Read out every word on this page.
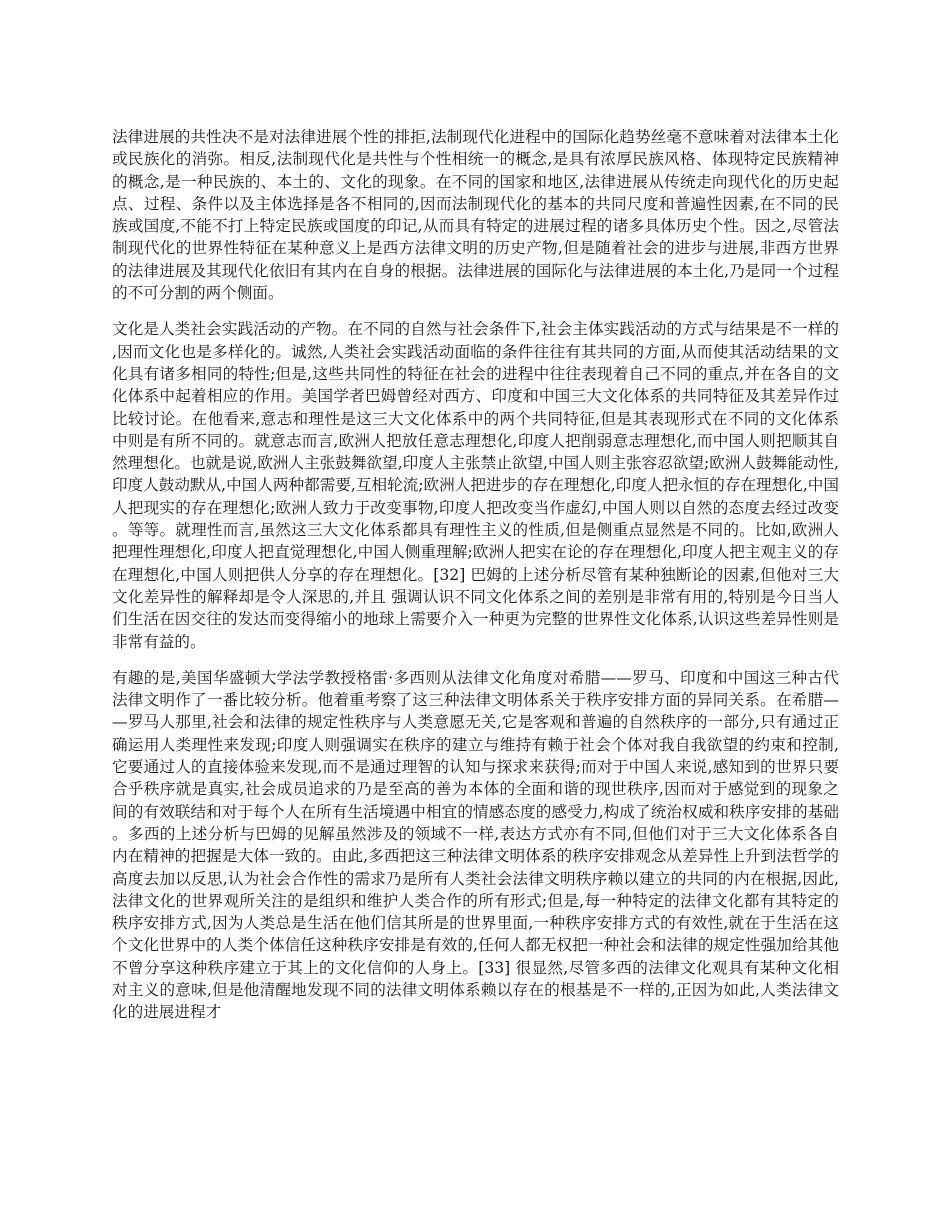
法律进展的共性决不是对法律进展个性的排拒,法制现代化进程中的国际化趋势丝毫不意味着对法律本土化或民族化的消弥。相反,法制现代化是共性与个性相统一的概念,是具有浓厚民族风格、体现特定民族精神的概念,是一种民族的、本土的、文化的现象。在不同的国家和地区,法律进展从传统走向现代化的历史起点、过程、条件以及主体选择是各不相同的,因而法制现代化的基本的共同尺度和普遍性因素,在不同的民族或国度,不能不打上特定民族或国度的印记,从而具有特定的进展过程的诸多具体历史个性。因之,尽管法制现代化的世界性特征在某种意义上是西方法律文明的历史产物,但是随着社会的进步与进展,非西方世界的法律进展及其现代化依旧有其内在自身的根据。法律进展的国际化与法律进展的本土化,乃是同一个过程的不可分割的两个侧面。

文化是人类社会实践活动的产物。在不同的自然与社会条件下,社会主体实践活动的方式与结果是不一样的,因而文化也是多样化的。诚然,人类社会实践活动面临的条件往往有其共同的方面,从而使其活动结果的文化具有诸多相同的特性;但是,这些共同性的特征在社会的进程中往往表现着自己不同的重点,并在各自的文化体系中起着相应的作用。美国学者巴姆曾经对西方、印度和中国三大文化体系的共同特征及其差异作过比较讨论。在他看来,意志和理性是这三大文化体系中的两个共同特征,但是其表现形式在不同的文化体系中则是有所不同的。就意志而言,欧洲人把放任意志理想化,印度人把削弱意志理想化,而中国人则把顺其自然理想化。也就是说,欧洲人主张鼓舞欲望,印度人主张禁止欲望,中国人则主张容忍欲望;欧洲人鼓舞能动性,印度人鼓动默从,中国人两种都需要,互相轮流;欧洲人把进步的存在理想化,印度人把永恒的存在理想化,中国人把现实的存在理想化;欧洲人致力于改变事物,印度人把改变当作虚幻,中国人则以自然的态度去经过改变。等等。就理性而言,虽然这三大文化体系都具有理性主义的性质,但是侧重点显然是不同的。比如,欧洲人把理性理想化,印度人把直觉理想化,中国人侧重理解;欧洲人把实在论的存在理想化,印度人把主观主义的存在理想化,中国人则把供人分享的存在理想化。[32] 巴姆的上述分析尽管有某种独断论的因素,但他对三大文化差异性的解释却是令人深思的,并且 强调认识不同文化体系之间的差别是非常有用的,特别是今日当人们生活在因交往的发达而变得缩小的地球上需要介入一种更为完整的世界性文化体系,认识这些差异性则是非常有益的。

有趣的是,美国华盛顿大学法学教授格雷·多西则从法律文化角度对希腊——罗马、印度和中国这三种古代法律文明作了一番比较分析。他着重考察了这三种法律文明体系关于秩序安排方面的异同关系。在希腊——罗马人那里,社会和法律的规定性秩序与人类意愿无关,它是客观和普遍的自然秩序的一部分,只有通过正确运用人类理性来发现;印度人则强调实在秩序的建立与维持有赖于社会个体对我自我欲望的约束和控制,它要通过人的直接体验来发现,而不是通过理智的认知与探求来获得;而对于中国人来说,感知到的世界只要合乎秩序就是真实,社会成员追求的乃是至高的善为本体的全面和谐的现世秩序,因而对于感觉到的现象之间的有效联结和对于每个人在所有生活境遇中相宜的情感态度的感受力,构成了统治权威和秩序安排的基础。多西的上述分析与巴姆的见解虽然涉及的领域不一样,表达方式亦有不同,但他们对于三大文化体系各自内在精神的把握是大体一致的。由此,多西把这三种法律文明体系的秩序安排观念从差异性上升到法哲学的高度去加以反思,认为社会合作性的需求乃是所有人类社会法律文明秩序赖以建立的共同的内在根据,因此,法律文化的世界观所关注的是组织和维护人类合作的所有形式;但是,每一种特定的法律文化都有其特定的秩序安排方式,因为人类总是生活在他们信其所是的世界里面,一种秩序安排方式的有效性,就在于生活在这个文化世界中的人类个体信任这种秩序安排是有效的,任何人都无权把一种社会和法律的规定性强加给其他不曾分享这种秩序建立于其上的文化信仰的人身上。[33] 很显然,尽管多西的法律文化观具有某种文化相对主义的意味,但是他清醒地发现不同的法律文明体系赖以存在的根基是不一样的,正因为如此,人类法律文化的进展进程才
